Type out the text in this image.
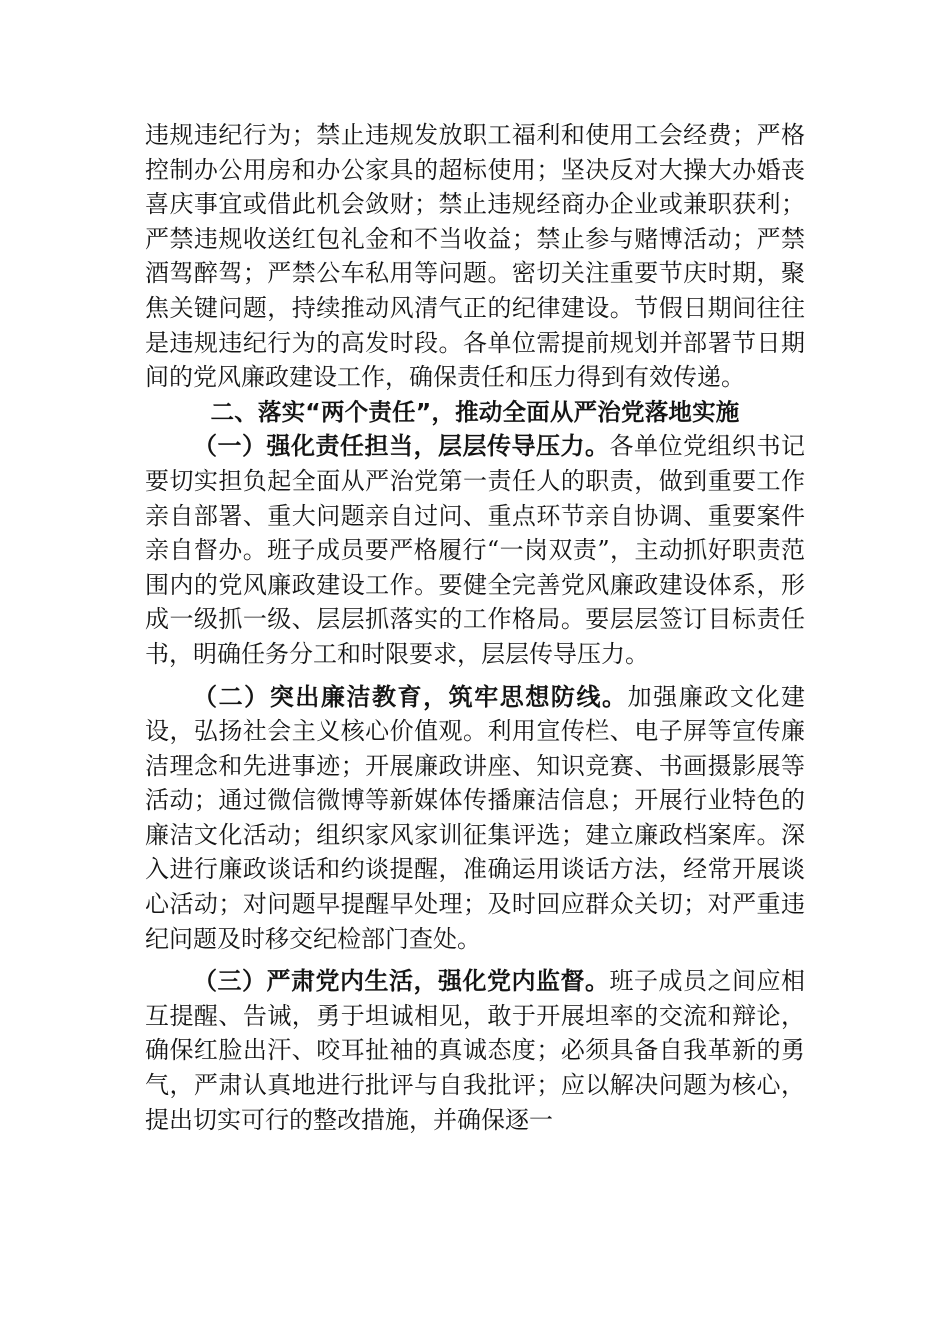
违规违纪行为；禁止违规发放职工福利和使用工会经费；严格控制办公用房和办公家具的超标使用；坚决反对大操大办婚丧喜庆事宜或借此机会敛财；禁止违规经商办企业或兼职获利；严禁违规收送红包礼金和不当收益；禁止参与赌博活动；严禁酒驾醉驾；严禁公车私用等问题。密切关注重要节庆时期，聚焦关键问题，持续推动风清气正的纪律建设。节假日期间往往是违规违纪行为的高发时段。各单位需提前规划并部署节日期间的党风廉政建设工作，确保责任和压力得到有效传递。

二、落实“两个责任”，推动全面从严治党落地实施

（一）强化责任担当，层层传导压力。各单位党组织书记要切实担负起全面从严治党第一责任人的职责，做到重要工作亲自部署、重大问题亲自过问、重点环节亲自协调、重要案件亲自督办。班子成员要严格履行“一岗双责”，主动抓好职责范围内的党风廉政建设工作。要健全完善党风廉政建设体系，形成一级抓一级、层层抓落实的工作格局。要层层签订目标责任书，明确任务分工和时限要求，层层传导压力。

（二）突出廉洁教育，筑牢思想防线。加强廉政文化建设，弘扬社会主义核心价值观。利用宣传栏、电子屏等宣传廉洁理念和先进事迹；开展廉政讲座、知识竞赛、书画摄影展等活动；通过微信微博等新媒体传播廉洁信息；开展行业特色的廉洁文化活动；组织家风家训征集评选；建立廉政档案库。深入进行廉政谈话和约谈提醒，准确运用谈话方法，经常开展谈心活动；对问题早提醒早处理；及时回应群众关切；对严重违纪问题及时移交纪检部门查处。

（三）严肃党内生活，强化党内监督。班子成员之间应相互提醒、告诫，勇于坦诚相见，敢于开展坦率的交流和辩论，确保红脸出汗、咬耳扯袖的真诚态度；必须具备自我革新的勇气，严肃认真地进行批评与自我批评；应以解决问题为核心，提出切实可行的整改措施，并确保逐一
